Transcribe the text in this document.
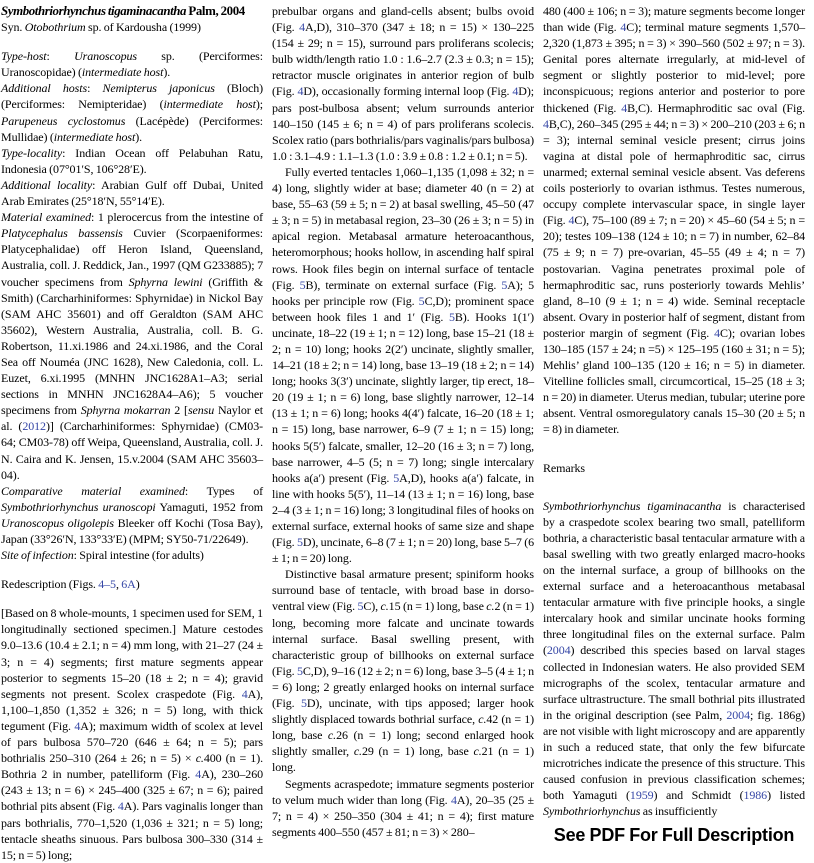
Symbothriorhynchus tigaminacantha Palm, 2004

Syn. Otobothrium sp. of Kardousha (1999)

Type-host: Uranoscopus sp. (Perciformes: Uranoscopidae) (intermediate host).

Additional hosts: Nemipterus japonicus (Bloch) (Perciformes: Nemipteridae) (intermediate host); Parupeneus cyclostomus (Lacépède) (Perciformes: Mullidae) (intermediate host).

Type-locality: Indian Ocean off Pelabuhan Ratu, Indonesia (07°01′S, 106°28′E).

Additional locality: Arabian Gulf off Dubai, United Arab Emirates (25°18′N, 55°14′E).

Material examined: 1 plerocercus from the intestine of Platycephalus bassensis Cuvier (Scorpaeniformes: Platycephalidae) off Heron Island, Queensland, Australia, coll. J. Reddick, Jan., 1997 (QM G233885); 7 voucher specimens from Sphyrna lewini (Griffith & Smith) (Carcharhiniformes: Sphyrnidae) in Nickol Bay (SAM AHC 35601) and off Geraldton (SAM AHC 35602), Western Australia, Australia, coll. B. G. Robertson, 11.xi.1986 and 24.xi.1986, and the Coral Sea off Nouméa (JNC 1628), New Caledonia, coll. L. Euzet, 6.xi.1995 (MNHN JNC1628A1–A3; serial sections in MNHN JNC1628A4–A6); 5 voucher specimens from Sphyrna mokarran 2 [sensu Naylor et al. (2012)] (Carcharhiniformes: Sphyrnidae) (CM03-64; CM03-78) off Weipa, Queensland, Australia, coll. J. N. Caira and K. Jensen, 15.v.2004 (SAM AHC 35603–04).

Comparative material examined: Types of Symbothriorhynchus uranoscopi Yamaguti, 1952 from Uranoscopus oligolepis Bleeker off Kochi (Tosa Bay), Japan (33°26′N, 133°33′E) (MPM; SY50-71/22649).

Site of infection: Spiral intestine (for adults)

Redescription (Figs. 4–5, 6A)

[Based on 8 whole-mounts, 1 specimen used for SEM, 1 longitudinally sectioned specimen.] Mature cestodes 9.0–13.6 (10.4 ± 2.1; n = 4) mm long, with 21–27 (24 ± 3; n = 4) segments; first mature segments appear posterior to segments 15–20 (18 ± 2; n = 4); gravid segments not present. Scolex craspedote (Fig. 4A), 1,100–1,850 (1,352 ± 326; n = 5) long, with thick tegument (Fig. 4A); maximum width of scolex at level of pars bulbosa 570–720 (646 ± 64; n = 5); pars bothrialis 250–310 (264 ± 26; n = 5) × c.400 (n = 1). Bothria 2 in number, patelliform (Fig. 4A), 230–260 (243 ± 13; n = 6) × 245–400 (325 ± 67; n = 6); paired bothrial pits absent (Fig. 4A). Pars vaginalis longer than pars bothrialis, 770–1,520 (1,036 ± 321; n = 5) long; tentacle sheaths sinuous. Pars bulbosa 300–330 (314 ± 15; n = 5) long;

prebulbar organs and gland-cells absent; bulbs ovoid (Fig. 4A,D), 310–370 (347 ± 18; n = 15) × 130–225 (154 ± 29; n = 15), surround pars proliferans scolecis; bulb width/length ratio 1.0 : 1.6–2.7 (2.3 ± 0.3; n = 15); retractor muscle originates in anterior region of bulb (Fig. 4D), occasionally forming internal loop (Fig. 4D); pars post-bulbosa absent; velum surrounds anterior 140–150 (145 ± 6; n = 4) of pars proliferans scolecis. Scolex ratio (pars bothrialis/pars vaginalis/pars bulbosa) 1.0 : 3.1–4.9 : 1.1–1.3 (1.0 : 3.9 ± 0.8 : 1.2 ± 0.1; n = 5).

Fully everted tentacles 1,060–1,135 (1,098 ± 32; n = 4) long, slightly wider at base; diameter 40 (n = 2) at base, 55–63 (59 ± 5; n = 2) at basal swelling, 45–50 (47 ± 3; n = 5) in metabasal region, 23–30 (26 ± 3; n = 5) in apical region. Metabasal armature heteroacanthous, heteromorphous; hooks hollow, in ascending half spiral rows. Hook files begin on internal surface of tentacle (Fig. 5B), terminate on external surface (Fig. 5A); 5 hooks per principle row (Fig. 5C,D); prominent space between hook files 1 and 1′ (Fig. 5B). Hooks 1(1′) uncinate, 18–22 (19 ± 1; n = 12) long, base 15–21 (18 ± 2; n = 10) long; hooks 2(2′) uncinate, slightly smaller, 14–21 (18 ± 2; n = 14) long, base 13–19 (18 ± 2; n = 14) long; hooks 3(3′) uncinate, slightly larger, tip erect, 18–20 (19 ± 1; n = 6) long, base slightly narrower, 12–14 (13 ± 1; n = 6) long; hooks 4(4′) falcate, 16–20 (18 ± 1; n = 15) long, base narrower, 6–9 (7 ± 1; n = 15) long; hooks 5(5′) falcate, smaller, 12–20 (16 ± 3; n = 7) long, base narrower, 4–5 (5; n = 7) long; single intercalary hooks a(a′) present (Fig. 5A,D), hooks a(a′) falcate, in line with hooks 5(5′), 11–14 (13 ± 1; n = 16) long, base 2–4 (3 ± 1; n = 16) long; 3 longitudinal files of hooks on external surface, external hooks of same size and shape (Fig. 5D), uncinate, 6–8 (7 ± 1; n = 20) long, base 5–7 (6 ± 1; n = 20) long.

Distinctive basal armature present; spiniform hooks surround base of tentacle, with broad base in dorso-ventral view (Fig. 5C), c.15 (n = 1) long, base c.2 (n = 1) long, becoming more falcate and uncinate towards internal surface. Basal swelling present, with characteristic group of billhooks on external surface (Fig. 5C,D), 9–16 (12 ± 2; n = 6) long, base 3–5 (4 ± 1; n = 6) long; 2 greatly enlarged hooks on internal surface (Fig. 5D), uncinate, with tips apposed; larger hook slightly displaced towards bothrial surface, c.42 (n = 1) long, base c.26 (n = 1) long; second enlarged hook slightly smaller, c.29 (n = 1) long, base c.21 (n = 1) long.

Segments acraspedote; immature segments posterior to velum much wider than long (Fig. 4A), 20–35 (25 ± 7; n = 4) × 250–350 (304 ± 41; n = 4); first mature segments 400–550 (457 ± 81; n = 3) × 280–

480 (400 ± 106; n = 3); mature segments become longer than wide (Fig. 4C); terminal mature segments 1,570–2,320 (1,873 ± 395; n = 3) × 390–560 (502 ± 97; n = 3). Genital pores alternate irregularly, at mid-level of segment or slightly posterior to mid-level; pore inconspicuous; regions anterior and posterior to pore thickened (Fig. 4B,C). Hermaphroditic sac oval (Fig. 4B,C), 260–345 (295 ± 44; n = 3) × 200–210 (203 ± 6; n = 3); internal seminal vesicle present; cirrus joins vagina at distal pole of hermaphroditic sac, cirrus unarmed; external seminal vesicle absent. Vas deferens coils posteriorly to ovarian isthmus. Testes numerous, occupy complete intervascular space, in single layer (Fig. 4C), 75–100 (89 ± 7; n = 20) × 45–60 (54 ± 5; n = 20); testes 109–138 (124 ± 10; n = 7) in number, 62–84 (75 ± 9; n = 7) pre-ovarian, 45–55 (49 ± 4; n = 7) postovarian. Vagina penetrates proximal pole of hermaphroditic sac, runs posteriorly towards Mehlis’ gland, 8–10 (9 ± 1; n = 4) wide. Seminal receptacle absent. Ovary in posterior half of segment, distant from posterior margin of segment (Fig. 4C); ovarian lobes 130–185 (157 ± 24; n =5) × 125–195 (160 ± 31; n = 5); Mehlis’ gland 100–135 (120 ± 16; n = 5) in diameter. Vitelline follicles small, circumcortical, 15–25 (18 ± 3; n = 20) in diameter. Uterus median, tubular; uterine pore absent. Ventral osmoregulatory canals 15–30 (20 ± 5; n = 8) in diameter.

Remarks

Symbothriorhynchus tigaminacantha is characterised by a craspedote scolex bearing two small, patelliform bothria, a characteristic basal tentacular armature with a basal swelling with two greatly enlarged macro-hooks on the internal surface, a group of billhooks on the external surface and a heteroacanthous metabasal tentacular armature with five principle hooks, a single intercalary hook and similar uncinate hooks forming three longitudinal files on the external surface. Palm (2004) described this species based on larval stages collected in Indonesian waters. He also provided SEM micrographs of the scolex, tentacular armature and surface ultrastructure. The small bothrial pits illustrated in the original description (see Palm, 2004; fig. 186g) are not visible with light microscopy and are apparently in such a reduced state, that only the few bifurcate microtriches indicate the presence of this structure. This caused confusion in previous classification schemes; both Yamaguti (1959) and Schmidt (1986) listed Symbothriorhynchus as insufficiently

See PDF For Full Description
